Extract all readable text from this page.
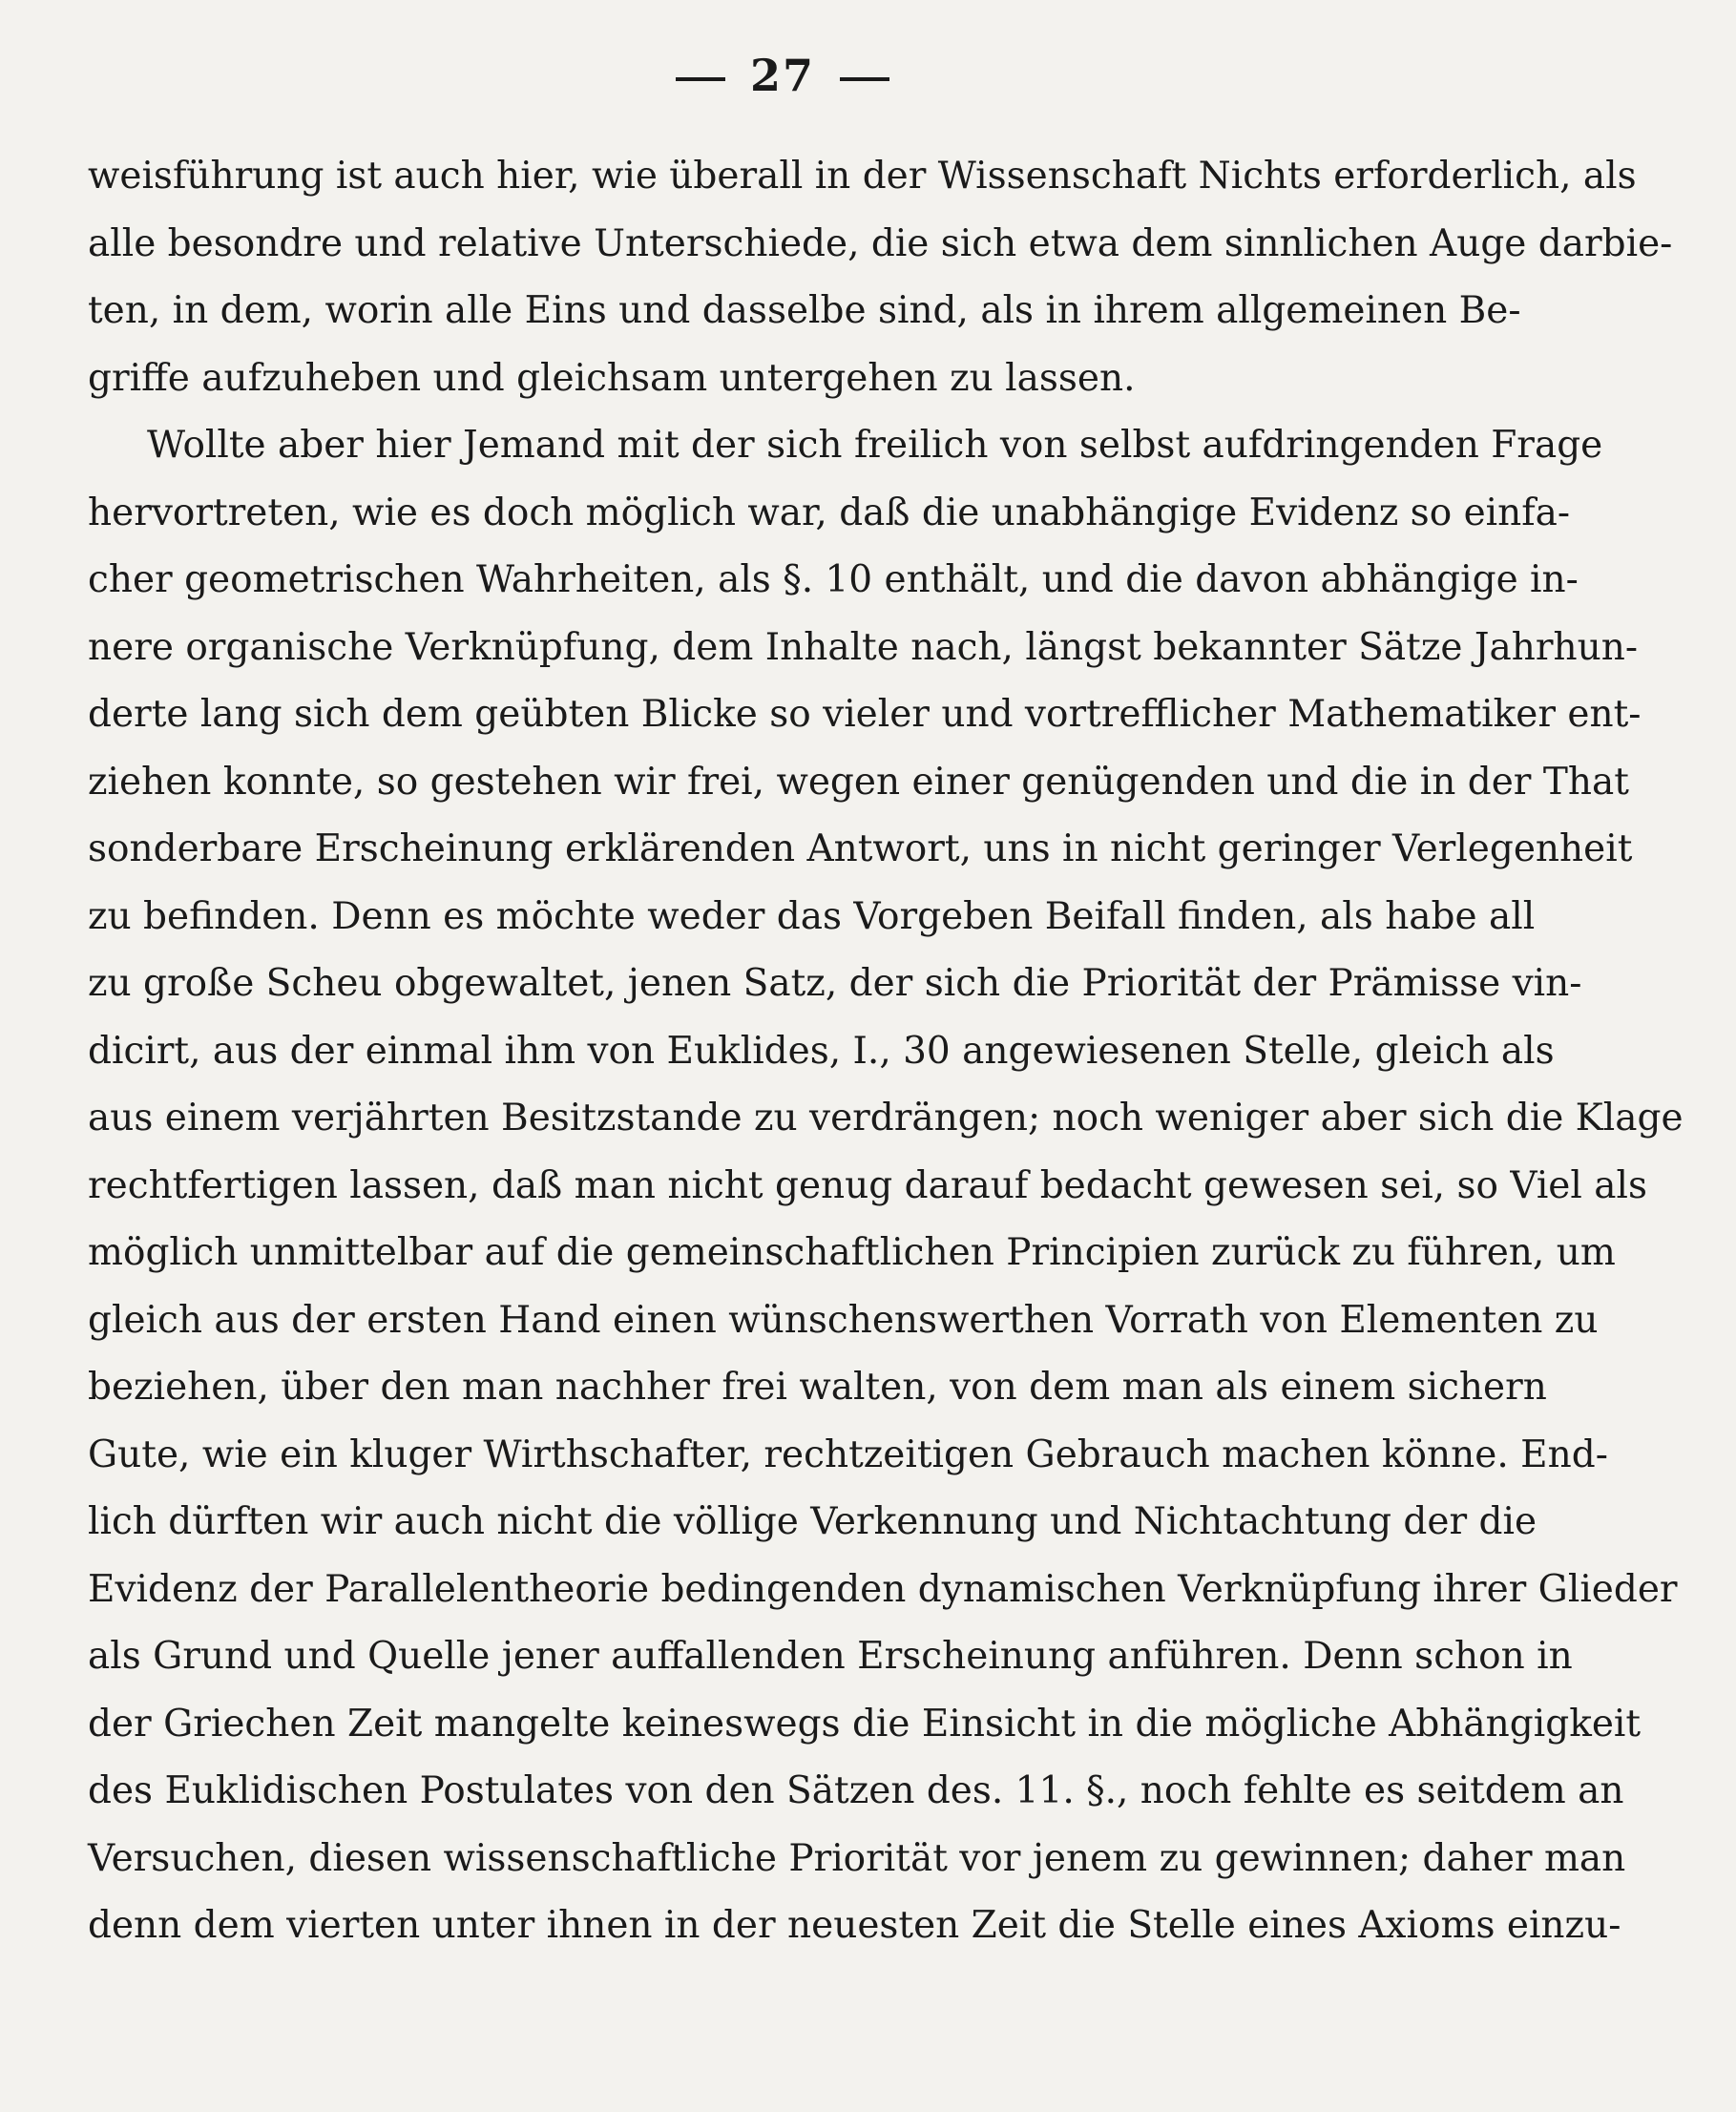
27
weisführung ist auch hier, wie überall in der Wissenschaft Nichts erforderlich, als
alle besondre und relative Unterschiede, die sich etwa dem sinnlichen Auge darbie-
ten, in dem, worin alle Eins und dasselbe sind, als in ihrem allgemeinen Be-
griffe aufzuheben und gleichsam untergehen zu lassen.
Wollte aber hier Jemand mit der sich freilich von selbst aufdringenden Frage
hervortreten, wie es doch möglich war, daß die unabhängige Evidenz so einfa-
cher geometrischen Wahrheiten, als §. 10 enthält, und die davon abhängige in-
nere organische Verknüpfung, dem Inhalte nach, längst bekannter Sätze Jahrhun-
derte lang sich dem geübten Blicke so vieler und vortrefflicher Mathematiker ent-
ziehen konnte, so gestehen wir frei, wegen einer genügenden und die in der That
sonderbare Erscheinung erklärenden Antwort, uns in nicht geringer Verlegenheit
zu befinden. Denn es möchte weder das Vorgeben Beifall finden, als habe all
zu große Scheu obgewaltet, jenen Satz, der sich die Priorität der Prämisse vin-
dicirt, aus der einmal ihm von Euklides, I., 30 angewiesenen Stelle, gleich als
aus einem verjährten Besitzstande zu verdrängen; noch weniger aber sich die Klage
rechtfertigen lassen, daß man nicht genug darauf bedacht gewesen sei, so Viel als
möglich unmittelbar auf die gemeinschaftlichen Principien zurück zu führen, um
gleich aus der ersten Hand einen wünschenswerthen Vorrath von Elementen zu
beziehen, über den man nachher frei walten, von dem man als einem sichern
Gute, wie ein kluger Wirthschafter, rechtzeitigen Gebrauch machen könne. End-
lich dürften wir auch nicht die völlige Verkennung und Nichtachtung der die
Evidenz der Parallelentheorie bedingenden dynamischen Verknüpfung ihrer Glieder
als Grund und Quelle jener auffallenden Erscheinung anführen. Denn schon in
der Griechen Zeit mangelte keineswegs die Einsicht in die mögliche Abhängigkeit
des Euklidischen Postulates von den Sätzen des. 11. §., noch fehlte es seitdem an
Versuchen, diesen wissenschaftliche Priorität vor jenem zu gewinnen; daher man
denn dem vierten unter ihnen in der neuesten Zeit die Stelle eines Axioms einzu-
